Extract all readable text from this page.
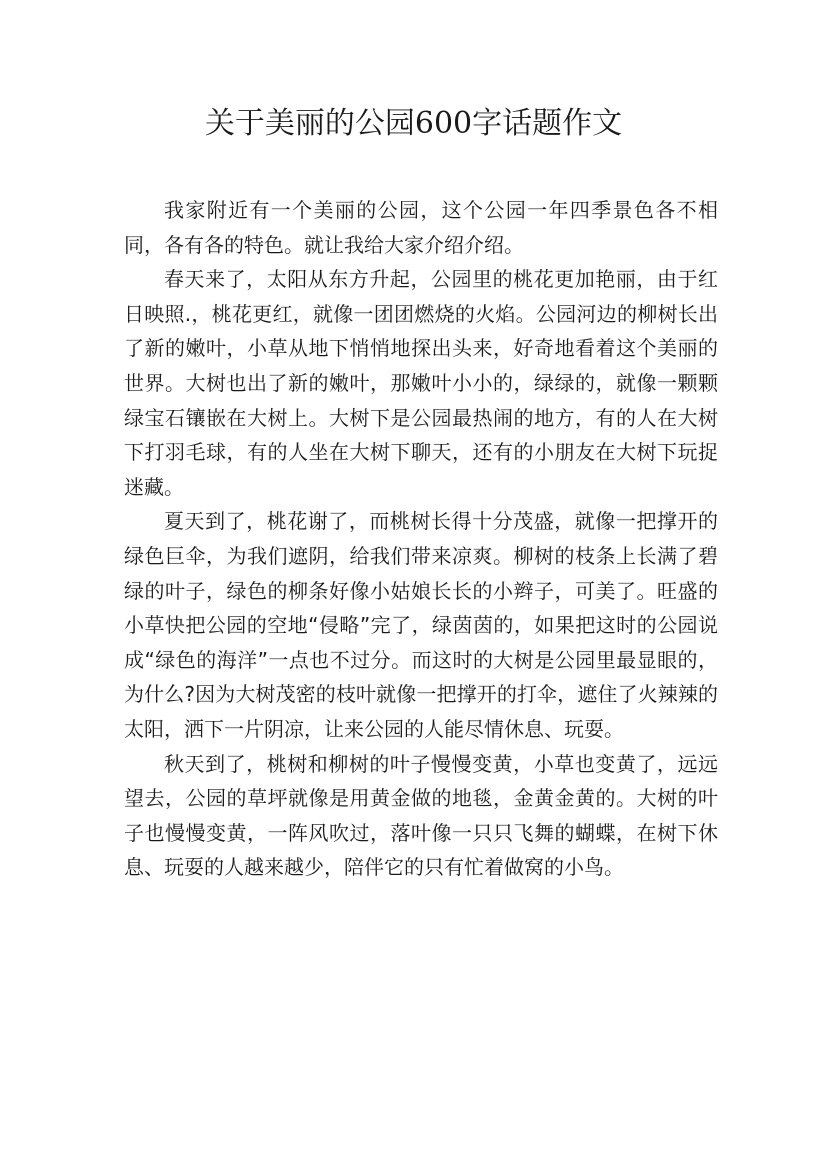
关于美丽的公园600字话题作文

我家附近有一个美丽的公园，这个公园一年四季景色各不相同，各有各的特色。就让我给大家介绍介绍。

春天来了，太阳从东方升起，公园里的桃花更加艳丽，由于红日映照.，桃花更红，就像一团团燃烧的火焰。公园河边的柳树长出了新的嫩叶，小草从地下悄悄地探出头来，好奇地看着这个美丽的世界。大树也出了新的嫩叶，那嫩叶小小的，绿绿的，就像一颗颗绿宝石镶嵌在大树上。大树下是公园最热闹的地方，有的人在大树下打羽毛球，有的人坐在大树下聊天，还有的小朋友在大树下玩捉迷藏。

夏天到了，桃花谢了，而桃树长得十分茂盛，就像一把撑开的绿色巨伞，为我们遮阴，给我们带来凉爽。柳树的枝条上长满了碧绿的叶子，绿色的柳条好像小姑娘长长的小辫子，可美了。旺盛的小草快把公园的空地“侵略”完了，绿茵茵的，如果把这时的公园说成“绿色的海洋”一点也不过分。而这时的大树是公园里最显眼的，为什么?因为大树茂密的枝叶就像一把撑开的打伞，遮住了火辣辣的太阳，洒下一片阴凉，让来公园的人能尽情休息、玩耍。

秋天到了，桃树和柳树的叶子慢慢变黄，小草也变黄了，远远望去，公园的草坪就像是用黄金做的地毯，金黄金黄的。大树的叶子也慢慢变黄，一阵风吹过，落叶像一只只飞舞的蝴蝶，在树下休息、玩耍的人越来越少，陪伴它的只有忙着做窝的小鸟。
